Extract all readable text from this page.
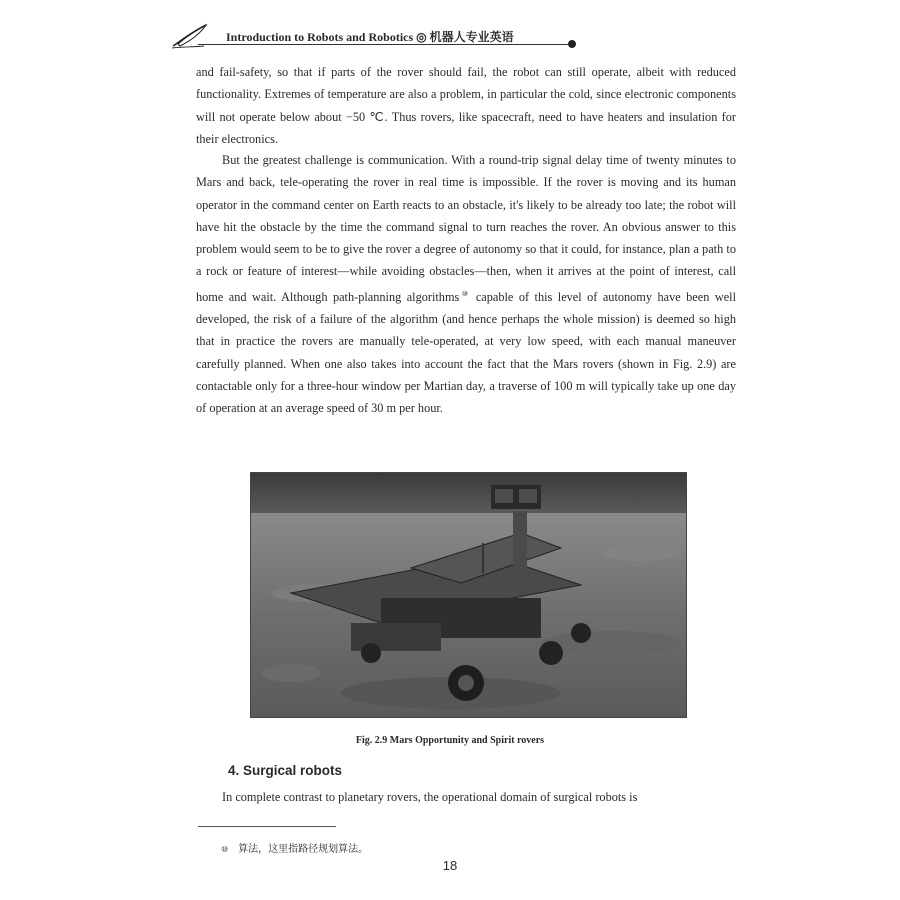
Introduction to Robots and Robotics ◎ 机器人专业英语

and fail-safety, so that if parts of the rover should fail, the robot can still operate, albeit with reduced functionality. Extremes of temperature are also a problem, in particular the cold, since electronic components will not operate below about −50 ℃. Thus rovers, like spacecraft, need to have heaters and insulation for their electronics.

But the greatest challenge is communication. With a round-trip signal delay time of twenty minutes to Mars and back, tele-operating the rover in real time is impossible. If the rover is moving and its human operator in the command center on Earth reacts to an obstacle, it's likely to be already too late; the robot will have hit the obstacle by the time the command signal to turn reaches the rover. An obvious answer to this problem would seem to be to give the rover a degree of autonomy so that it could, for instance, plan a path to a rock or feature of interest—while avoiding obstacles—then, when it arrives at the point of interest, call home and wait. Although path-planning algorithms⑩ capable of this level of autonomy have been well developed, the risk of a failure of the algorithm (and hence perhaps the whole mission) is deemed so high that in practice the rovers are manually tele-operated, at very low speed, with each manual maneuver carefully planned. When one also takes into account the fact that the Mars rovers (shown in Fig. 2.9) are contactable only for a three-hour window per Martian day, a traverse of 100 m will typically take up one day of operation at an average speed of 30 m per hour.

Fig. 2.9 Mars Opportunity and Spirit rovers
4. Surgical robots

In complete contrast to planetary rovers, the operational domain of surgical robots is

⑩ 算法，这里指路径规划算法。
18
